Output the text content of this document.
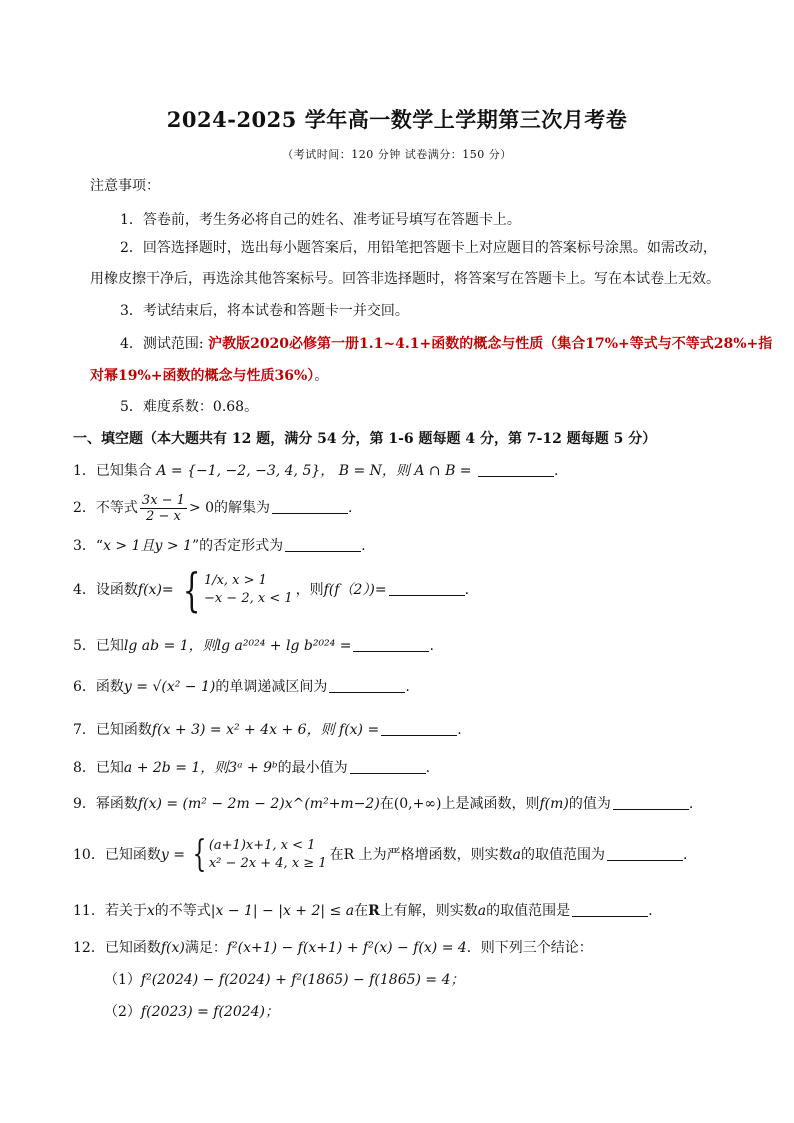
2024-2025 学年高一数学上学期第三次月考卷
（考试时间：120 分钟 试卷满分：150 分）
注意事项：
1．答卷前，考生务必将自己的姓名、准考证号填写在答题卡上。
2．回答选择题时，选出每小题答案后，用铅笔把答题卡上对应题目的答案标号涂黑。如需改动，
用橡皮擦干净后，再选涂其他答案标号。回答非选择题时，将答案写在答题卡上。写在本试卷上无效。
3．考试结束后，将本试卷和答题卡一并交回。
4．测试范围: 沪教版2020必修第一册1.1~4.1+函数的概念与性质（集合17%+等式与不等式28%+指
对幂19%+函数的概念与性质36%）。
5．难度系数：0.68。
一、填空题（本大题共有 12 题，满分 54 分，第 1-6 题每题 4 分，第 7-12 题每题 5 分）
1．已知集合 A = {−1, −2, −3, 4, 5}， B = N，则 A ∩ B =	.
2．不等式 $\frac{3x - 1}{2 - x} > 0$的解集为	.
3．“x > 1且y > 1”的否定形式为	.
4．设函数f(x)= { 1/x, x > 1
−x − 2, x < 1
，则f(f（2）)=	.
5．已知lg ab = 1，则lg a²⁰²⁴ + lg b²⁰²⁴ =	.
6．函数y = √(x² − 1)的单调递减区间为	.
7．已知函数f(x + 3) = x² + 4x + 6，则 f(x) =	.
8．已知a + 2b = 1，则3ᵃ + 9ᵇ的最小值为	.
9．幂函数f(x) = (m² − 2m − 2)x^(m²+m−2)在(0,+∞)上是减函数，则f(m)的值为	.
10．已知函数y = { (a+1)x+1, x < 1
x² − 2x + 4, x ≥ 1
在R 上为严格增函数，则实数a的取值范围为	.
11．若关于x的不等式|x − 1| − |x + 2| ≤ a在R上有解，则实数a的取值范围是	.
12．已知函数f(x)满足：f²(x+1) − f(x+1) + f²(x) − f(x) = 4．则下列三个结论：
（1）f²(2024) − f(2024) + f²(1865) − f(1865) = 4；
（2）f(2023) = f(2024)；
